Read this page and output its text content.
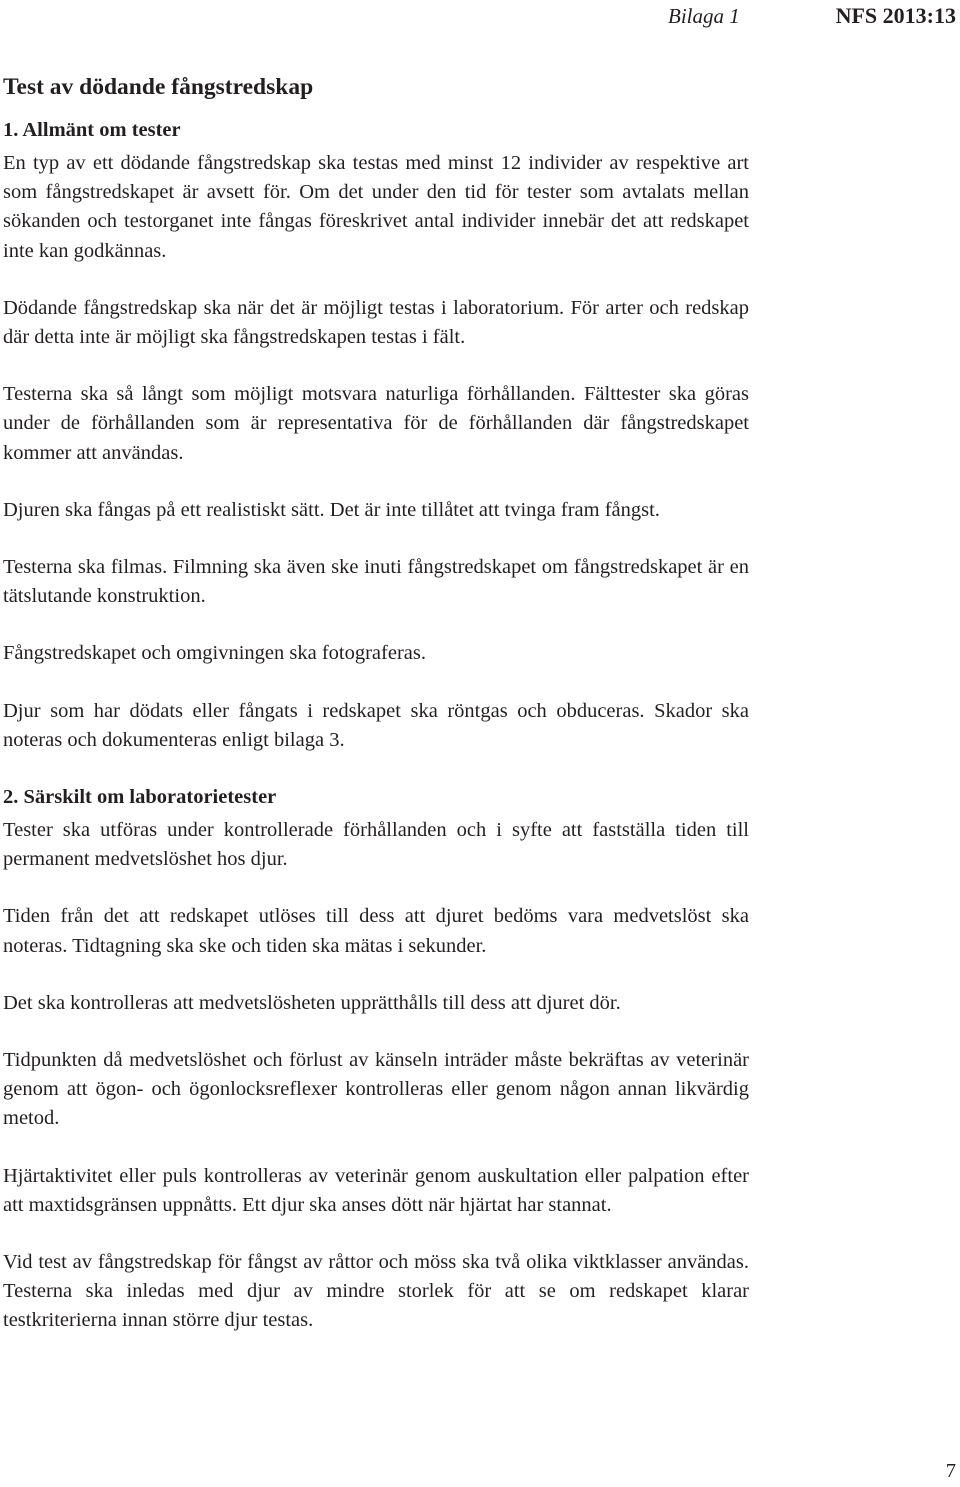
Bilaga 1	NFS 2013:13
Test av dödande fångstredskap
1. Allmänt om tester

En typ av ett dödande fångstredskap ska testas med minst 12 individer av respektive art som fångstredskapet är avsett för. Om det under den tid för tester som avtalats mellan sökanden och testorganet inte fångas föreskrivet antal individer innebär det att redskapet inte kan godkännas.

Dödande fångstredskap ska när det är möjligt testas i laboratorium. För arter och redskap där detta inte är möjligt ska fångstredskapen testas i fält.

Testerna ska så långt som möjligt motsvara naturliga förhållanden. Fälttester ska göras under de förhållanden som är representativa för de förhållanden där fångstredskapet kommer att användas.

Djuren ska fångas på ett realistiskt sätt. Det är inte tillåtet att tvinga fram fångst.

Testerna ska filmas. Filmning ska även ske inuti fångstredskapet om fångstredskapet är en tätslutande konstruktion.

Fångstredskapet och omgivningen ska fotograferas.

Djur som har dödats eller fångats i redskapet ska röntgas och obduceras. Skador ska noteras och dokumenteras enligt bilaga 3.

2. Särskilt om laboratorietester

Tester ska utföras under kontrollerade förhållanden och i syfte att fastställa tiden till permanent medvetslöshet hos djur.

Tiden från det att redskapet utlöses till dess att djuret bedöms vara medvetslöst ska noteras. Tidtagning ska ske och tiden ska mätas i sekunder.

Det ska kontrolleras att medvetslösheten upprätthålls till dess att djuret dör.

Tidpunkten då medvetslöshet och förlust av känseln inträder måste bekräftas av veterinär genom att ögon- och ögonlocksreflexer kontrolleras eller genom någon annan likvärdig metod.

Hjärtaktivitet eller puls kontrolleras av veterinär genom auskultation eller palpation efter att maxtidsgränsen uppnåtts. Ett djur ska anses dött när hjärtat har stannat.

Vid test av fångstredskap för fångst av råttor och möss ska två olika viktklasser användas. Testerna ska inledas med djur av mindre storlek för att se om redskapet klarar testkriterierna innan större djur testas.

7
